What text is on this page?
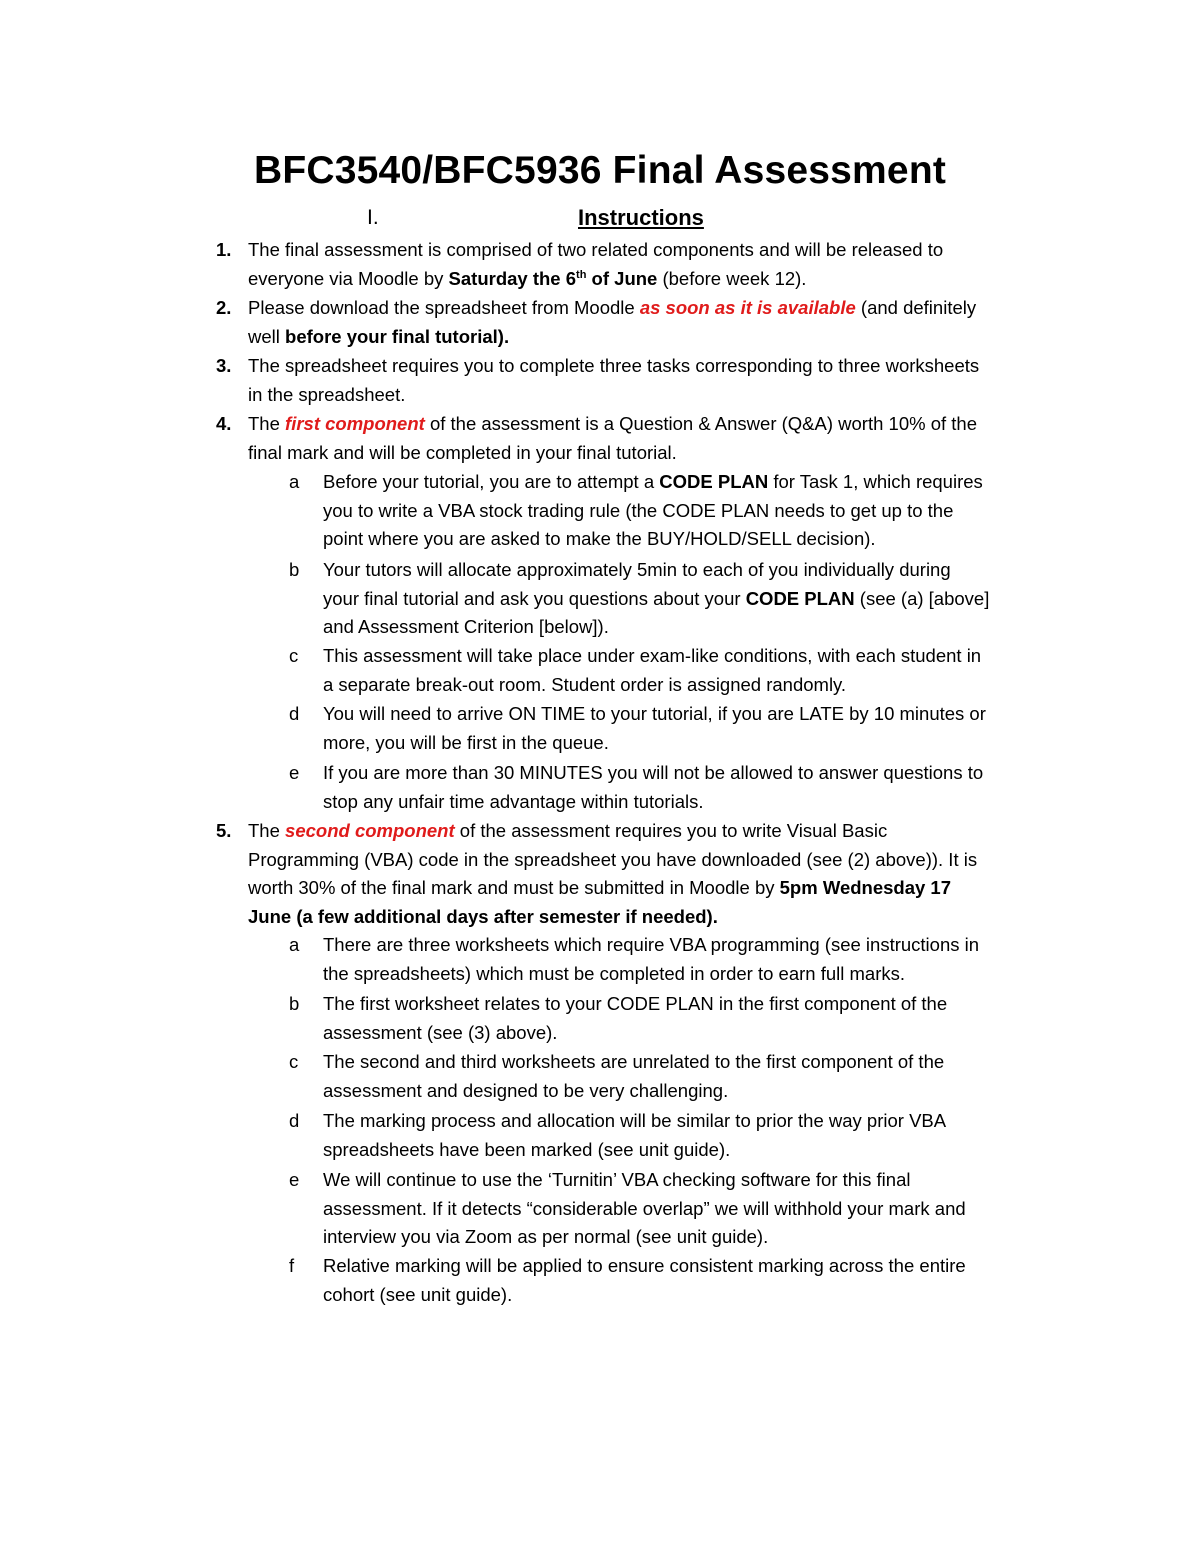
BFC3540/BFC5936 Final Assessment
I.	Instructions
1. The final assessment is comprised of two related components and will be released to
everyone via Moodle by Saturday the 6th of June (before week 12).
2. Please download the spreadsheet from Moodle as soon as it is available (and definitely
well before your final tutorial).
3. The spreadsheet requires you to complete three tasks corresponding to three worksheets
in the spreadsheet.
4. The first component of the assessment is a Question & Answer (Q&A) worth 10% of the
final mark and will be completed in your final tutorial.
a Before your tutorial, you are to attempt a CODE PLAN for Task 1, which requires
you to write a VBA stock trading rule (the CODE PLAN needs to get up to the
point where you are asked to make the BUY/HOLD/SELL decision).
b Your tutors will allocate approximately 5min to each of you individually during
your final tutorial and ask you questions about your CODE PLAN (see (a) [above]
and Assessment Criterion [below]).
c This assessment will take place under exam-like conditions, with each student in
a separate break-out room. Student order is assigned randomly.
d You will need to arrive ON TIME to your tutorial, if you are LATE by 10 minutes or
more, you will be first in the queue.
e If you are more than 30 MINUTES you will not be allowed to answer questions to
stop any unfair time advantage within tutorials.
5. The second component of the assessment requires you to write Visual Basic
Programming (VBA) code in the spreadsheet you have downloaded (see (2) above)). It is
worth 30% of the final mark and must be submitted in Moodle by 5pm Wednesday 17
June (a few additional days after semester if needed).
a There are three worksheets which require VBA programming (see instructions in
the spreadsheets) which must be completed in order to earn full marks.
b The first worksheet relates to your CODE PLAN in the first component of the
assessment (see (3) above).
c The second and third worksheets are unrelated to the first component of the
assessment and designed to be very challenging.
d The marking process and allocation will be similar to prior the way prior VBA
spreadsheets have been marked (see unit guide).
e We will continue to use the ‘Turnitin’ VBA checking software for this final
assessment. If it detects “considerable overlap” we will withhold your mark and
interview you via Zoom as per normal (see unit guide).
f Relative marking will be applied to ensure consistent marking across the entire
cohort (see unit guide).
